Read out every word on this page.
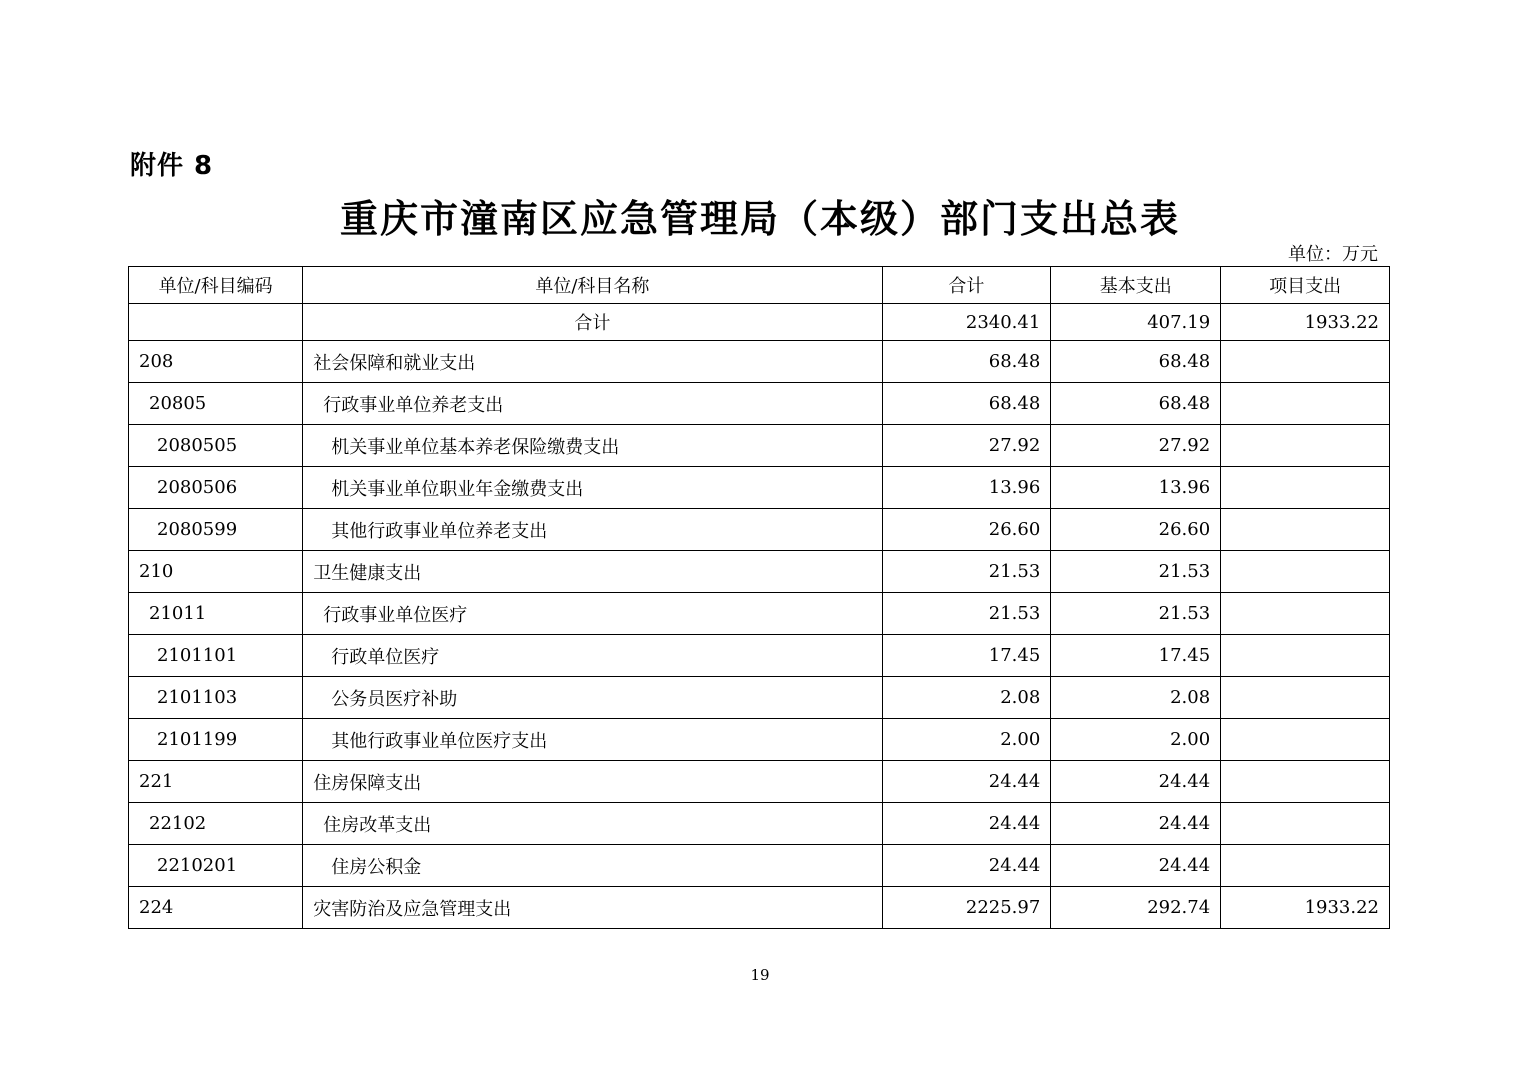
附件 8
重庆市潼南区应急管理局（本级）部门支出总表
单位：万元
单位/科目编码	单位/科目名称	合计	基本支出	项目支出
	合计	2340.41	407.19	1933.22
208	社会保障和就业支出	68.48	68.48	
20805	行政事业单位养老支出	68.48	68.48	
2080505	机关事业单位基本养老保险缴费支出	27.92	27.92	
2080506	机关事业单位职业年金缴费支出	13.96	13.96	
2080599	其他行政事业单位养老支出	26.60	26.60	
210	卫生健康支出	21.53	21.53	
21011	行政事业单位医疗	21.53	21.53	
2101101	行政单位医疗	17.45	17.45	
2101103	公务员医疗补助	2.08	2.08	
2101199	其他行政事业单位医疗支出	2.00	2.00	
221	住房保障支出	24.44	24.44	
22102	住房改革支出	24.44	24.44	
2210201	住房公积金	24.44	24.44	
224	灾害防治及应急管理支出	2225.97	292.74	1933.22
19
